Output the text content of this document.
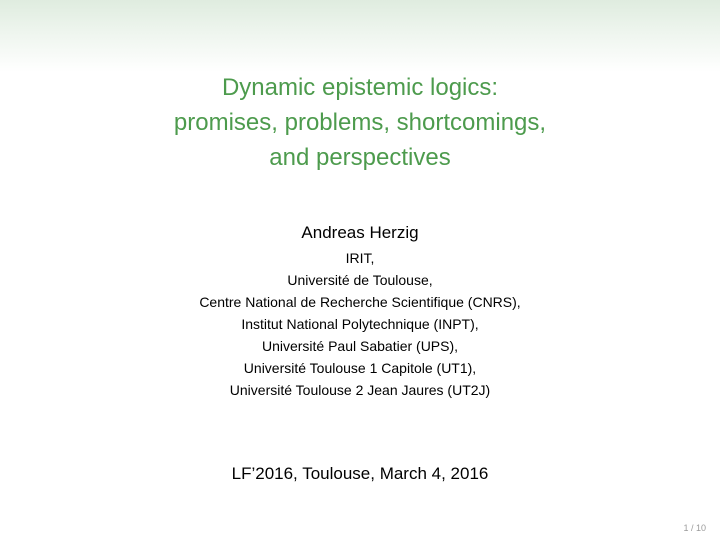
Dynamic epistemic logics:
promises, problems, shortcomings,
and perspectives
Andreas Herzig
IRIT,
Université de Toulouse,
Centre National de Recherche Scientifique (CNRS),
Institut National Polytechnique (INPT),
Université Paul Sabatier (UPS),
Université Toulouse 1 Capitole (UT1),
Université Toulouse 2 Jean Jaures (UT2J)
LF’2016, Toulouse, March 4, 2016
1 / 10
